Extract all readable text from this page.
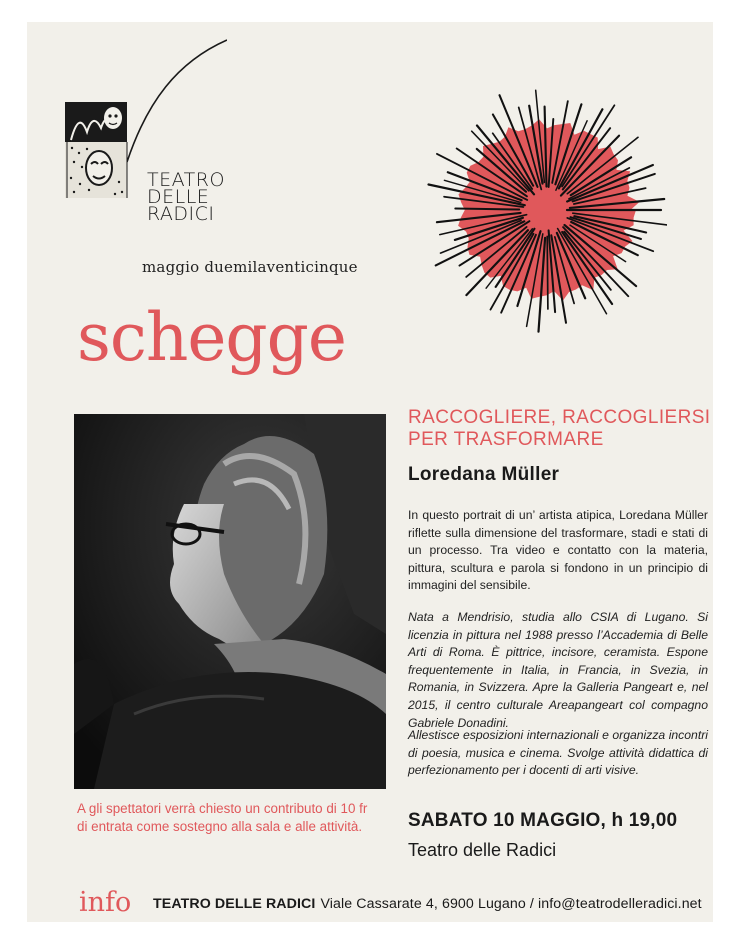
TEATRO
DELLE
RADICI
maggio duemilaventicinque
schegge
RACCOGLIERE, RACCOGLIERSI
PER TRASFORMARE
Loredana Müller

In questo portrait di un’ artista atipica, Loredana Müller riflette sulla dimensione del trasformare, stadi e stati di un processo. Tra video e contatto con la materia, pittura, scultura e parola si fondono in un principio di immagini del sensibile.

Nata a Mendrisio, studia allo CSIA di Lugano. Si licenzia in pittura nel 1988 presso l’Accademia di Belle Arti di Roma. È pittrice, incisore, ceramista. Espone frequentemente in Italia, in Francia, in Svezia, in Romania, in Svizzera. Apre la Galleria Pangeart e, nel 2015, il centro culturale Areapangeart col compagno Gabriele Donadini.

Allestisce esposizioni internazionali e organizza incontri di poesia, musica e cinema. Svolge attività didattica di perfezionamento per i docenti di arti visive.

A gli spettatori verrà chiesto un contributo di 10 fr di entrata come sostegno alla sala e alle attività.	SABATO 10 MAGGIO, h 19,00
Teatro delle Radici
info TEATRO DELLE RADICI Viale Cassarate 4, 6900 Lugano / info@teatrodelleradici.net
